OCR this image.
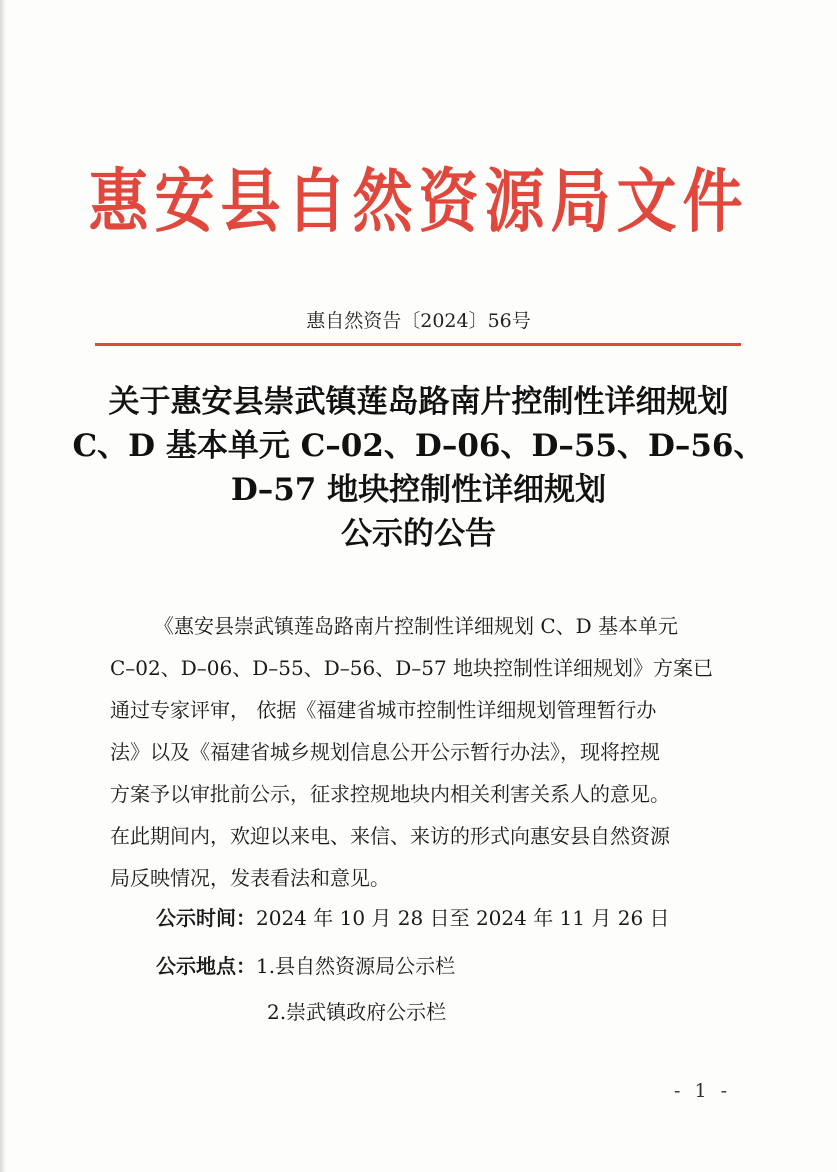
惠安县自然资源局文件
惠自然资告〔2024〕56号
关于惠安县崇武镇莲岛路南片控制性详细规划
C、D 基本单元 C–02、D–06、D–55、D–56、
D–57 地块控制性详细规划
公示的公告
《惠安县崇武镇莲岛路南片控制性详细规划 C、D 基本单元
C–02、D–06、D–55、D–56、D–57 地块控制性详细规划》方案已
通过专家评审， 依据《福建省城市控制性详细规划管理暂行办
法》以及《福建省城乡规划信息公开公示暂行办法》，现将控规
方案予以审批前公示，征求控规地块内相关利害关系人的意见。
在此期间内，欢迎以来电、来信、来访的形式向惠安县自然资源
局反映情况，发表看法和意见。
公示时间：2024 年 10 月 28 日至 2024 年 11 月 26 日
公示地点：1.县自然资源局公示栏
2.崇武镇政府公示栏
- 1 -
